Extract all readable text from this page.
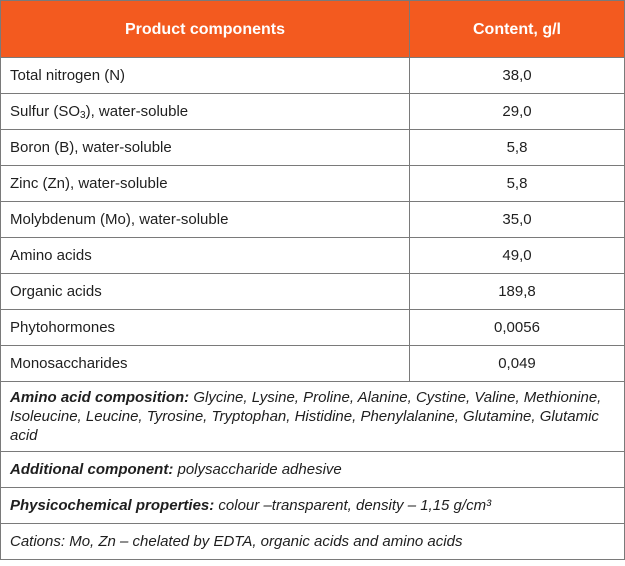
Product components	Content, g/l
Total nitrogen (N)	38,0
Sulfur $(SO_3)$, water-soluble	29,0
Boron (B), water-soluble	5,8
Zinc (Zn), water-soluble	5,8
Molybdenum (Mo), water-soluble	35,0
Amino acids	49,0
Organic acids	189,8
Phytohormones	0,0056
Monosaccharides	0,049
Amino acid composition: Glycine, Lysine, Proline, Alanine, Cystine, Valine, Methionine, Isoleucine, Leucine, Tyrosine, Tryptophan, Histidine, Phenylalanine, Glutamine, Glutamic acid	
Additional component: polysaccharide adhesive	
Physicochemical properties: colour –transparent, density – 1,15 g/cm³	
Cations: Mo, Zn – chelated by EDTA, organic acids and amino acids	
